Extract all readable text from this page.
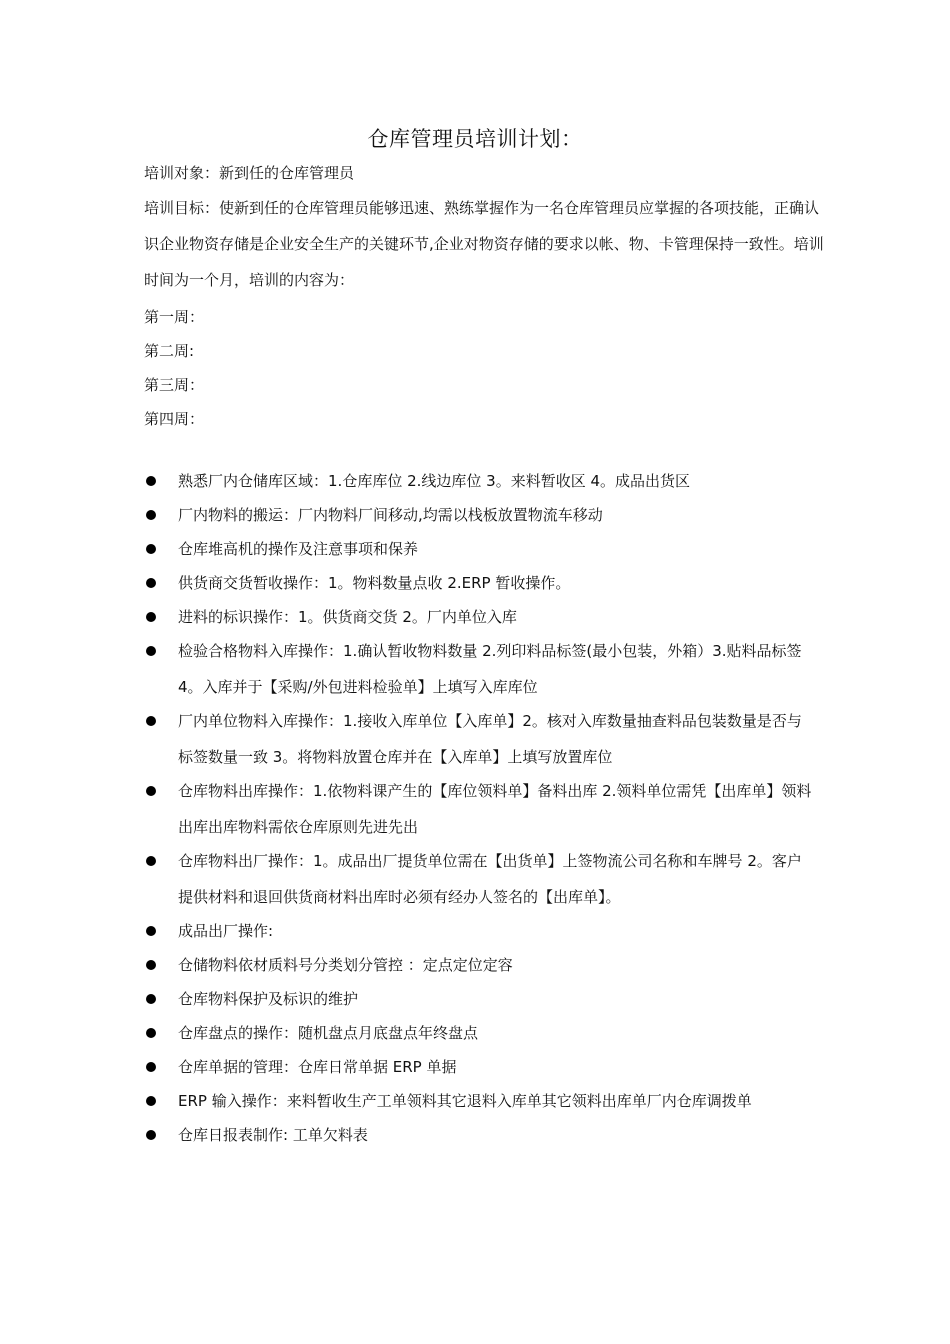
仓库管理员培训计划：

培训对象：新到任的仓库管理员

培训目标：使新到任的仓库管理员能够迅速、熟练掌握作为一名仓库管理员应掌握的各项技能，正确认识企业物资存储是企业安全生产的关键环节,企业对物资存储的要求以帐、物、卡管理保持一致性。培训时间为一个月，培训的内容为：

第一周：

第二周:

第三周：

第四周：

熟悉厂内仓储库区域：1.仓库库位 2.线边库位 3。来料暂收区 4。成品出货区
厂内物料的搬运：厂内物料厂间移动,均需以栈板放置物流车移动
仓库堆高机的操作及注意事项和保养
供货商交货暂收操作：1。物料数量点收 2.ERP 暂收操作。
进料的标识操作：1。供货商交货 2。厂内单位入库
检验合格物料入库操作：1.确认暂收物料数量 2.列印料品标签(最小包装，外箱）3.贴料品标签 4。入库并于【采购/外包进料检验单】上填写入库库位
厂内单位物料入库操作：1.接收入库单位【入库单】2。核对入库数量抽查料品包装数量是否与标签数量一致 3。将物料放置仓库并在【入库单】上填写放置库位
仓库物料出库操作：1.依物料课产生的【库位领料单】备料出库 2.领料单位需凭【出库单】领料出库出库物料需依仓库原则先进先出
仓库物料出厂操作：1。成品出厂提货单位需在【出货单】上签物流公司名称和车牌号 2。客户提供材料和退回供货商材料出库时必须有经办人签名的【出库单】。
成品出厂操作:
仓储物料依材质料号分类划分管控 ：定点定位定容
仓库物料保护及标识的维护
仓库盘点的操作：随机盘点月底盘点年终盘点
仓库单据的管理：仓库日常单据 ERP 单据
ERP 输入操作：来料暂收生产工单领料其它退料入库单其它领料出库单厂内仓库调拨单
仓库日报表制作: 工单欠料表
